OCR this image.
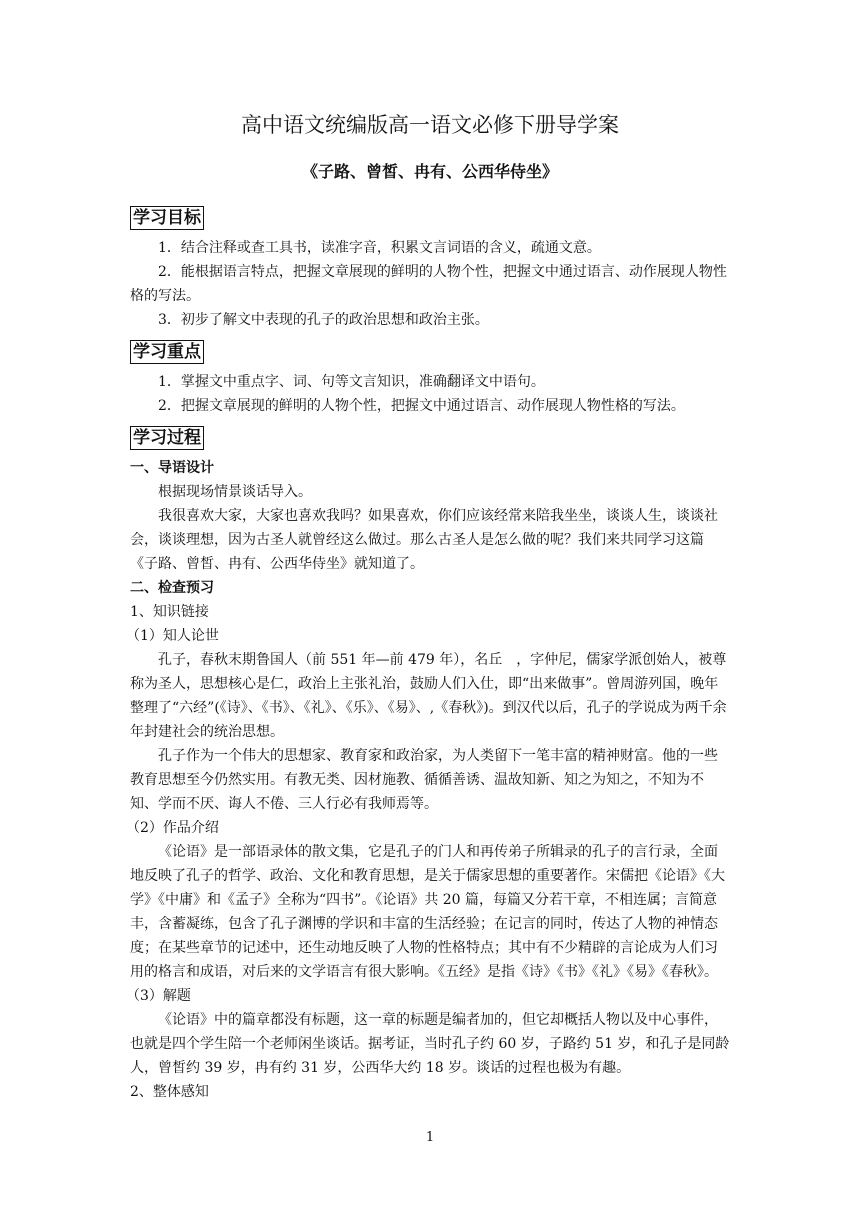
高中语文统编版高一语文必修下册导学案
《子路、曾皙、冉有、公西华侍坐》
学习目标

1．结合注释或查工具书，读准字音，积累文言词语的含义，疏通文意。

2．能根据语言特点，把握文章展现的鲜明的人物个性，把握文中通过语言、动作展现人物性格的写法。

3．初步了解文中表现的孔子的政治思想和政治主张。

学习重点

1．掌握文中重点字、词、句等文言知识，准确翻译文中语句。

2．把握文章展现的鲜明的人物个性，把握文中通过语言、动作展现人物性格的写法。

学习过程
一、导语设计

根据现场情景谈话导入。

我很喜欢大家，大家也喜欢我吗？如果喜欢，你们应该经常来陪我坐坐，谈谈人生，谈谈社会，谈谈理想，因为古圣人就曾经这么做过。那么古圣人是怎么做的呢？我们来共同学习这篇《子路、曾皙、冉有、公西华侍坐》就知道了。

二、检查预习
1、知识链接
（1）知人论世

孔子，春秋末期鲁国人（前 551 年—前 479 年），名丘　，字仲尼，儒家学派创始人，被尊称为圣人，思想核心是仁，政治上主张礼治，鼓励人们入仕，即“出来做事”。曾周游列国，晚年整理了“六经”(《诗》、《书》、《礼》、《乐》、《易》、,《春秋》)。到汉代以后，孔子的学说成为两千余年封建社会的统治思想。

孔子作为一个伟大的思想家、教育家和政治家，为人类留下一笔丰富的精神财富。他的一些教育思想至今仍然实用。有教无类、因材施教、循循善诱、温故知新、知之为知之，不知为不知、学而不厌、诲人不倦、三人行必有我师焉等。

（2）作品介绍

《论语》是一部语录体的散文集，它是孔子的门人和再传弟子所辑录的孔子的言行录，全面地反映了孔子的哲学、政治、文化和教育思想，是关于儒家思想的重要著作。宋儒把《论语》《大学》《中庸》和《孟子》全称为“四书”。《论语》共 20 篇，每篇又分若干章，不相连属；言简意丰，含蓄凝练，包含了孔子渊博的学识和丰富的生活经验；在记言的同时，传达了人物的神情态度；在某些章节的记述中，还生动地反映了人物的性格特点；其中有不少精辟的言论成为人们习用的格言和成语，对后来的文学语言有很大影响。《五经》是指《诗》《书》《礼》《易》《春秋》。

（3）解题

《论语》中的篇章都没有标题，这一章的标题是编者加的，但它却概括人物以及中心事件，也就是四个学生陪一个老师闲坐谈话。据考证，当时孔子约 60 岁，子路约 51 岁，和孔子是同龄人，曾皙约 39 岁，冉有约 31 岁，公西华大约 18 岁。谈话的过程也极为有趣。

2、整体感知
1
